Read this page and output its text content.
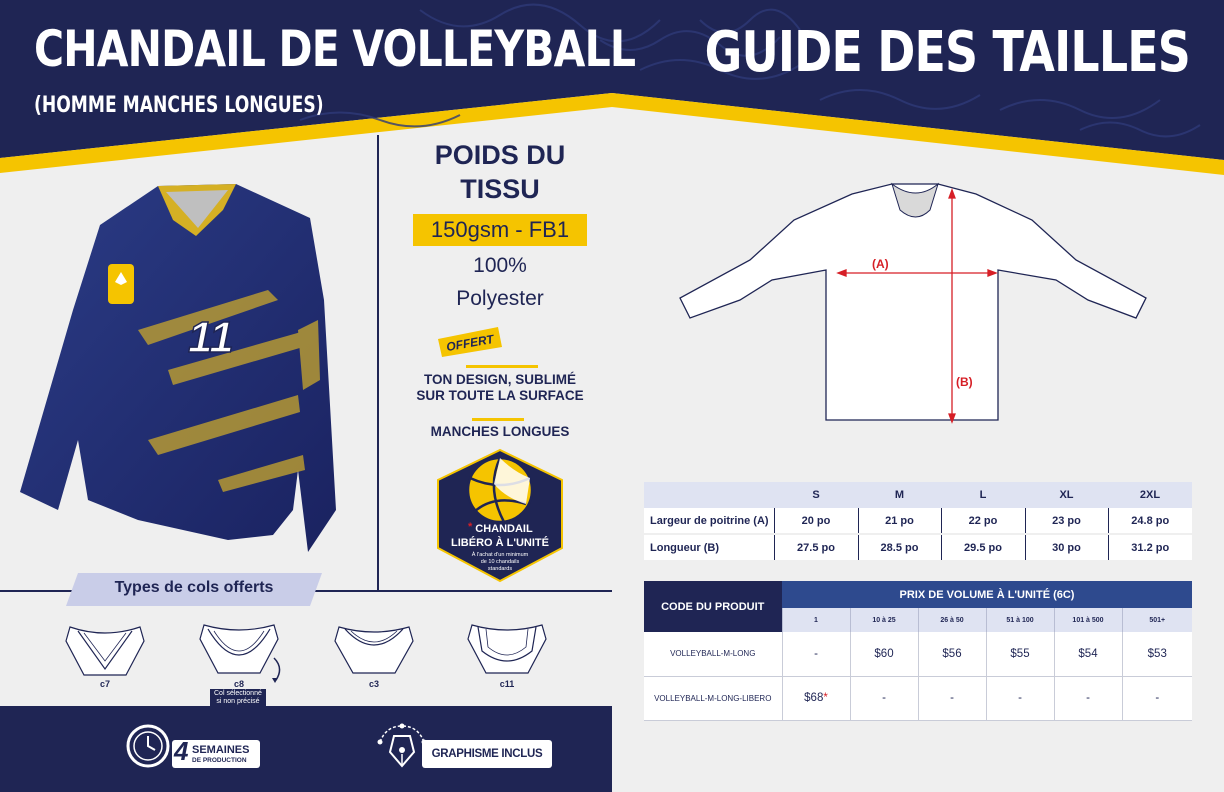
CHANDAIL DE VOLLEYBALL
(HOMME MANCHES LONGUES)
GUIDE DES TAILLES
11
POIDS DU
TISSU
150gsm - FB1
100%
Polyester
OFFERT
TON DESIGN, SUBLIMÉ
SUR TOUTE LA SURFACE
MANCHES LONGUES
* CHANDAIL
LIBÉRO À L'UNITÉ
À l'achat d'un minimum
de 10 chandails
standards
Types de cols offerts
c7	c8
Col sélectionné
si non précisé
c3	c11
4 SEMAINES
DE PRODUCTION
GRAPHISME INCLUS
(A)
(B)
	S	M	L	XL	2XL
Largeur de poitrine (A)	20 po	21 po	22 po	23 po	24.8 po
Longueur (B)	27.5 po	28.5 po	29.5 po	30 po	31.2 po
CODE DU PRODUIT	PRIX DE VOLUME À L'UNITÉ (6C)					
	1	10 à 25	26 à 50	51 à 100	101 à 500	501+
VOLLEYBALL-M-LONG	-	$60	$56	$55	$54	$53
VOLLEYBALL-M-LONG-LIBERO	$68*	-	-	-	-	-
